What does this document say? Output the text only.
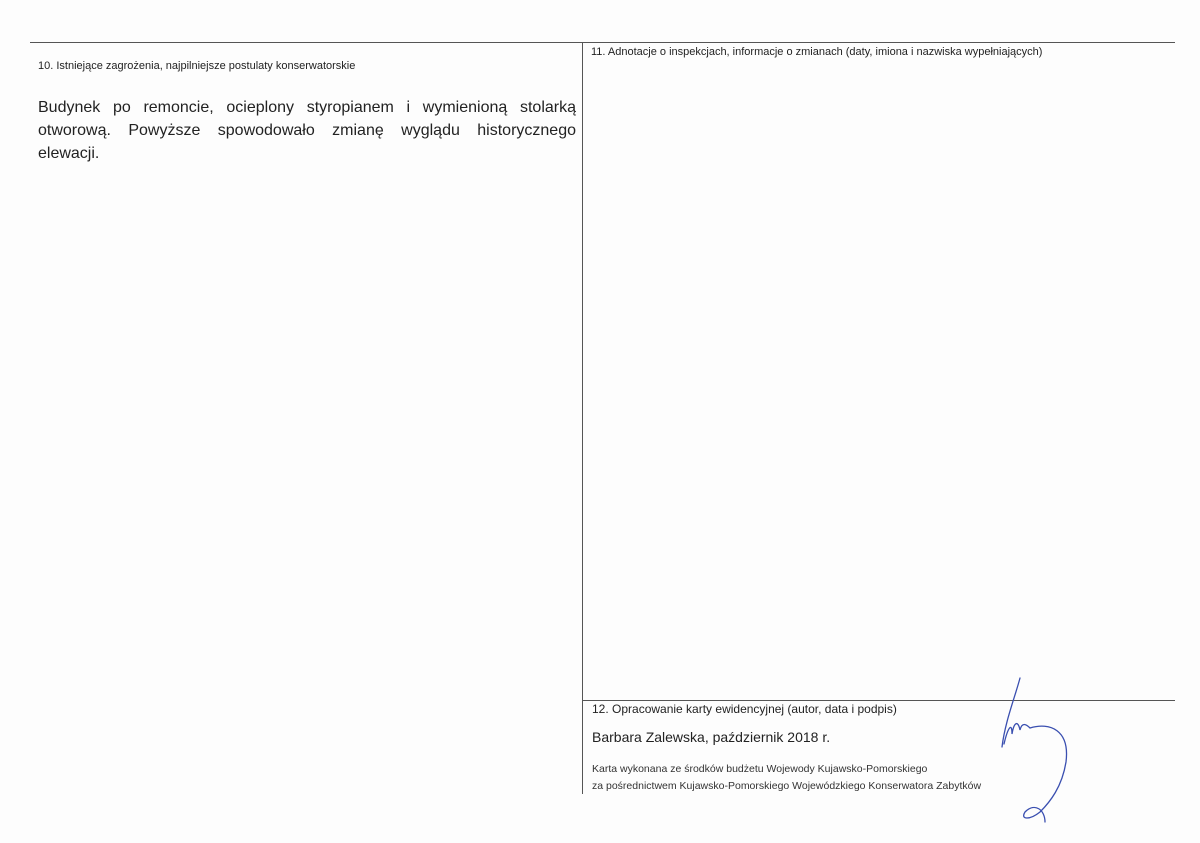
10. Istniejące zagrożenia, najpilniejsze postulaty konserwatorskie
Budynek po remoncie, ocieplony styropianem i wymienioną stolarką otworową. Powyższe spowodowało zmianę wyglądu historycznego elewacji.
11. Adnotacje o inspekcjach, informacje o zmianach (daty, imiona i nazwiska wypełniających)
12. Opracowanie karty ewidencyjnej (autor, data i podpis)
Barbara Zalewska, październik 2018 r.
Karta wykonana ze środków budżetu Wojewody Kujawsko-Pomorskiego
za pośrednictwem Kujawsko-Pomorskiego Wojewódzkiego Konserwatora Zabytków
